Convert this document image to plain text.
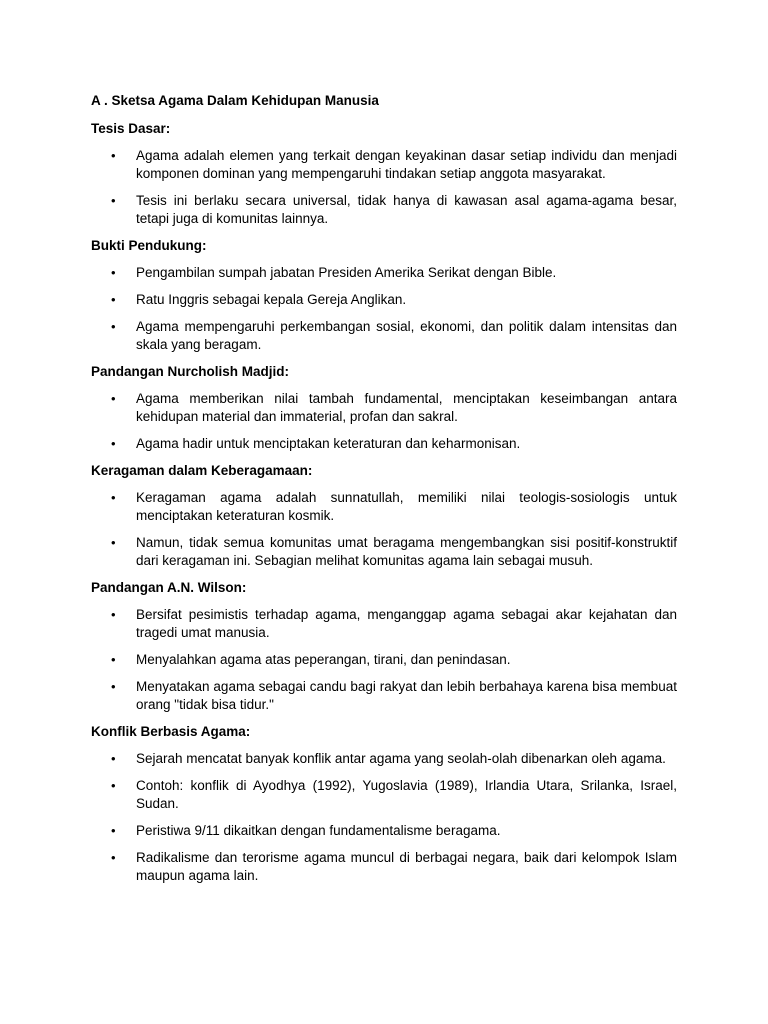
A . Sketsa Agama Dalam Kehidupan Manusia
Tesis Dasar:
• Agama adalah elemen yang terkait dengan keyakinan dasar setiap individu dan menjadi komponen dominan yang mempengaruhi tindakan setiap anggota masyarakat.
• Tesis ini berlaku secara universal, tidak hanya di kawasan asal agama-agama besar, tetapi juga di komunitas lainnya.
Bukti Pendukung:
• Pengambilan sumpah jabatan Presiden Amerika Serikat dengan Bible.
• Ratu Inggris sebagai kepala Gereja Anglikan.
• Agama mempengaruhi perkembangan sosial, ekonomi, dan politik dalam intensitas dan skala yang beragam.
Pandangan Nurcholish Madjid:
• Agama memberikan nilai tambah fundamental, menciptakan keseimbangan antara kehidupan material dan immaterial, profan dan sakral.
• Agama hadir untuk menciptakan keteraturan dan keharmonisan.
Keragaman dalam Keberagamaan:
• Keragaman agama adalah sunnatullah, memiliki nilai teologis-sosiologis untuk menciptakan keteraturan kosmik.
• Namun, tidak semua komunitas umat beragama mengembangkan sisi positif-konstruktif dari keragaman ini. Sebagian melihat komunitas agama lain sebagai musuh.
Pandangan A.N. Wilson:
• Bersifat pesimistis terhadap agama, menganggap agama sebagai akar kejahatan dan tragedi umat manusia.
• Menyalahkan agama atas peperangan, tirani, dan penindasan.
• Menyatakan agama sebagai candu bagi rakyat dan lebih berbahaya karena bisa membuat orang "tidak bisa tidur."
Konflik Berbasis Agama:
• Sejarah mencatat banyak konflik antar agama yang seolah-olah dibenarkan oleh agama.
• Contoh: konflik di Ayodhya (1992), Yugoslavia (1989), Irlandia Utara, Srilanka, Israel, Sudan.
• Peristiwa 9/11 dikaitkan dengan fundamentalisme beragama.
• Radikalisme dan terorisme agama muncul di berbagai negara, baik dari kelompok Islam maupun agama lain.
